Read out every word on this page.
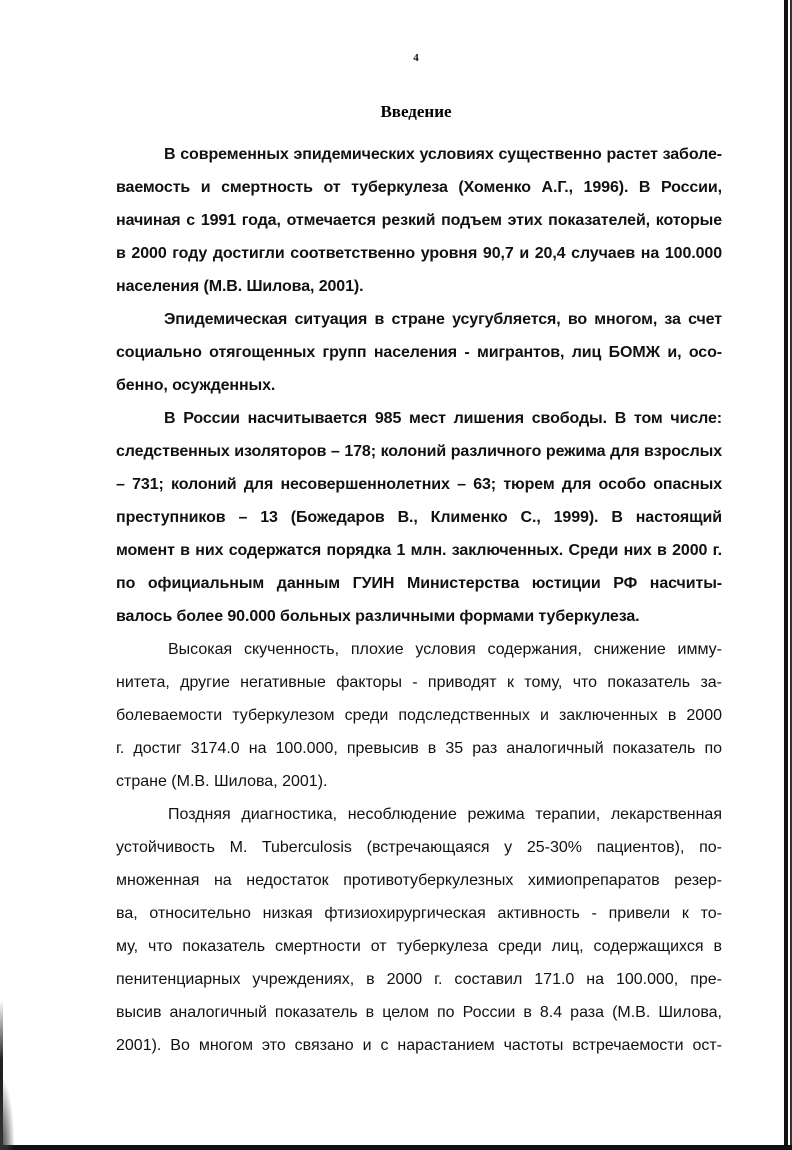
4
Введение
В современных эпидемических условиях существенно растет заболе-
ваемость и смертность от туберкулеза (Хоменко А.Г., 1996). В России,
начиная с 1991 года, отмечается резкий подъем этих показателей, которые
в 2000 году достигли соответственно уровня 90,7 и 20,4 случаев на 100.000
населения (М.В. Шилова, 2001).
Эпидемическая ситуация в стране усугубляется, во многом, за счет
социально отягощенных групп населения - мигрантов, лиц БОМЖ и, осо-
бенно, осужденных.
В России насчитывается 985 мест лишения свободы. В том числе:
следственных изоляторов – 178; колоний различного режима для взрослых
– 731; колоний для несовершеннолетних – 63; тюрем для особо опасных
преступников – 13 (Божедаров В., Клименко С., 1999). В настоящий
момент в них содержатся порядка 1 млн. заключенных. Среди них в 2000 г.
по официальным данным ГУИН Министерства юстиции РФ насчиты-
валось более 90.000 больных различными формами туберкулеза.
Высокая скученность, плохие условия содержания, снижение имму-
нитета, другие негативные факторы - приводят к тому, что показатель за-
болеваемости туберкулезом среди подследственных и заключенных в 2000
г. достиг 3174.0 на 100.000, превысив в 35 раз аналогичный показатель по
стране (М.В. Шилова, 2001).
Поздняя диагностика, несоблюдение режима терапии, лекарственная
устойчивость M. Tuberculosis (встречающаяся у 25-30% пациентов), по-
множенная на недостаток противотуберкулезных химиопрепаратов резер-
ва, относительно низкая фтизиохирургическая активность - привели к то-
му, что показатель смертности от туберкулеза среди лиц, содержащихся в
пенитенциарных учреждениях, в 2000 г. составил 171.0 на 100.000, пре-
высив аналогичный показатель в целом по России в 8.4 раза (М.В. Шилова,
2001). Во многом это связано и с нарастанием частоты встречаемости ост-
